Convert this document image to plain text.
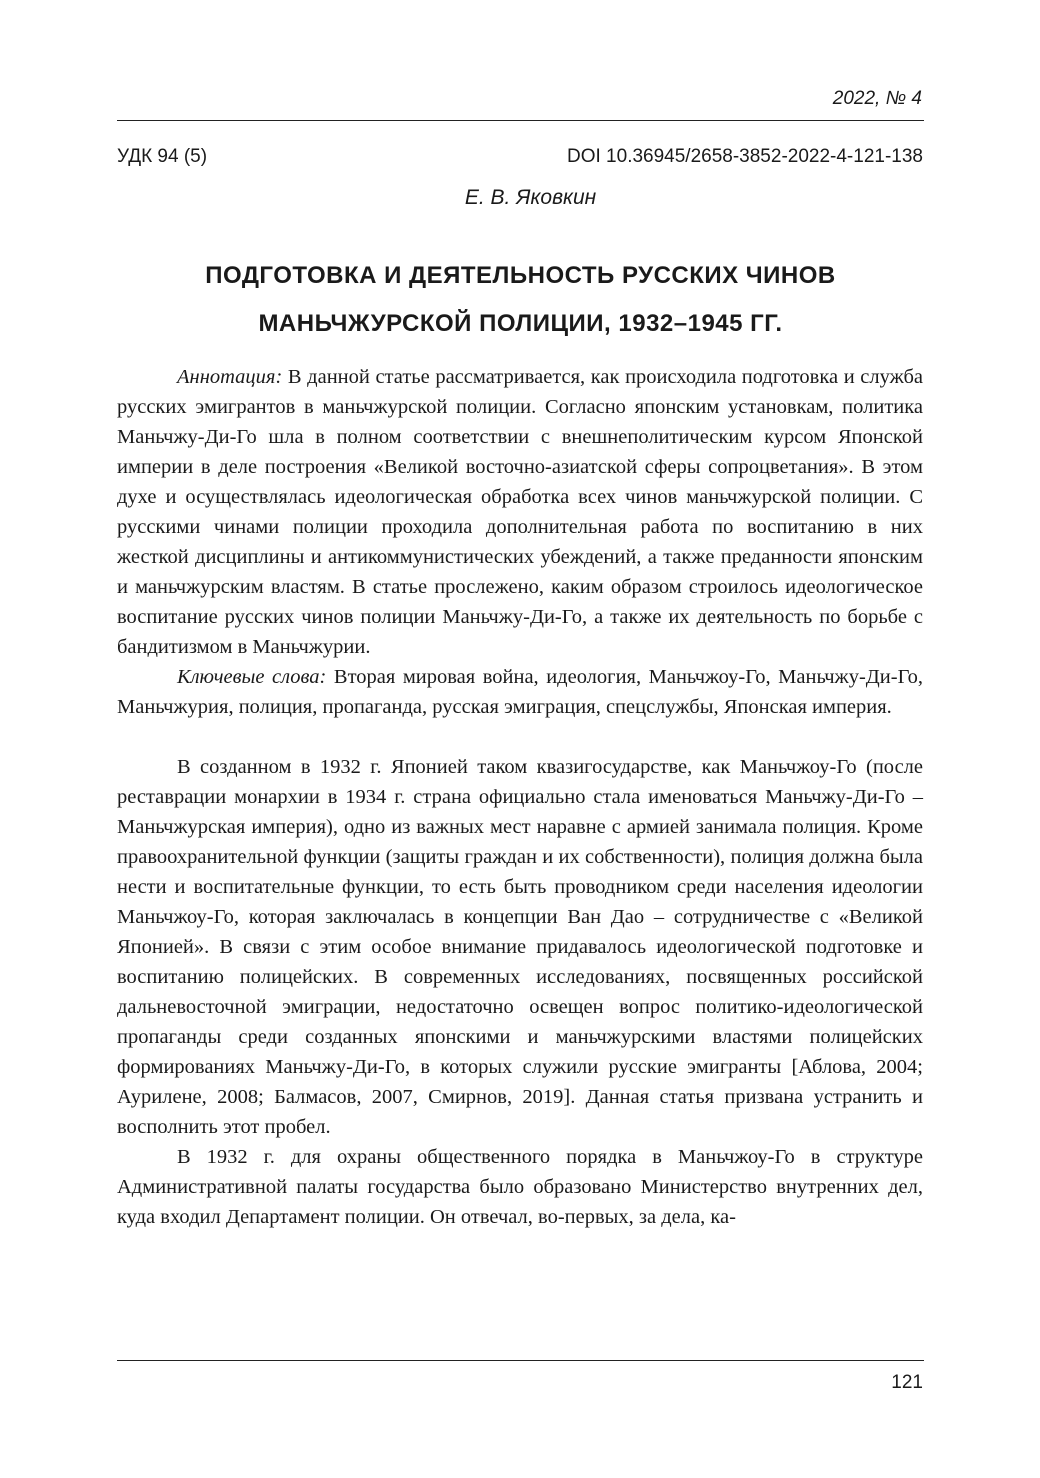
2022, № 4
УДК 94 (5)	DOI 10.36945/2658-3852-2022-4-121-138
Е. В. Яковкин
ПОДГОТОВКА И ДЕЯТЕЛЬНОСТЬ РУССКИХ ЧИНОВ
МАНЬЧЖУРСКОЙ ПОЛИЦИИ, 1932–1945 ГГ.

Аннотация: В данной статье рассматривается, как происходила подготовка и служба русских эмигрантов в маньчжурской полиции. Согласно японским установкам, политика Маньчжу-Ди-Го шла в полном соответствии с внешнеполитическим курсом Японской империи в деле построения «Великой восточно-азиатской сферы сопроцветания». В этом духе и осуществлялась идеологическая обработка всех чинов маньчжурской полиции. С русскими чинами полиции проходила дополнительная работа по воспитанию в них жесткой дисциплины и антикоммунистических убеждений, а также преданности японским и маньчжурским властям. В статье прослежено, каким образом строилось идеологическое воспитание русских чинов полиции Маньчжу-Ди-Го, а также их деятельность по борьбе с бандитизмом в Маньчжурии.

Ключевые слова: Вторая мировая война, идеология, Маньчжоу-Го, Маньчжу-Ди-Го, Маньчжурия, полиция, пропаганда, русская эмиграция, спецслужбы, Японская империя.

В созданном в 1932 г. Японией таком квазигосударстве, как Маньчжоу-Го (после реставрации монархии в 1934 г. страна официально стала именоваться Маньчжу-Ди-Го – Маньчжурская империя), одно из важных мест наравне с армией занимала полиция. Кроме правоохранительной функции (защиты граждан и их собственности), полиция должна была нести и воспитательные функции, то есть быть проводником среди населения идеологии Маньчжоу-Го, которая заключалась в концепции Ван Дао – сотрудничестве с «Великой Японией». В связи с этим особое внимание придавалось идеологической подготовке и воспитанию полицейских. В современных исследованиях, посвященных российской дальневосточной эмиграции, недостаточно освещен вопрос политико-идеологической пропаганды среди созданных японскими и маньчжурскими властями полицейских формированиях Маньчжу-Ди-Го, в которых служили русские эмигранты [Аблова, 2004; Аурилене, 2008; Балмасов, 2007, Смирнов, 2019]. Данная статья призвана устранить и восполнить этот пробел.

В 1932 г. для охраны общественного порядка в Маньчжоу-Го в структуре Административной палаты государства было образовано Министерство внутренних дел, куда входил Департамент полиции. Он отвечал, во-первых, за дела, ка-

121
